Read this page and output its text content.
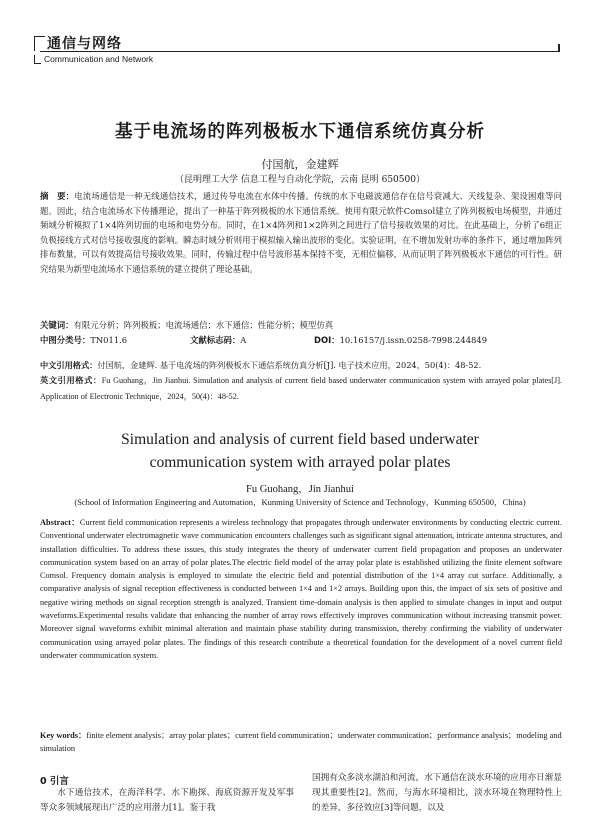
通信与网络
Communication and Network
基于电流场的阵列极板水下通信系统仿真分析
付国航，金建辉
（昆明理工大学 信息工程与自动化学院，云南 昆明 650500）
摘　要：电流场通信是一种无线通信技术，通过传导电流在水体中传播。传统的水下电磁波通信存在信号衰减大、天线复杂、架设困难等问题。因此，结合电流场水下传播理论，提出了一种基于阵列极板的水下通信系统。使用有限元软件Comsol建立了阵列极板电场模型，并通过频域分析模拟了1×4阵列切面的电场和电势分布。同时，在1×4阵列和1×2阵列之间进行了信号接收效果的对比。在此基础上，分析了6组正负极接线方式对信号接收强度的影响。瞬态时域分析则用于模拟输入输出波形的变化。实验证明，在不增加发射功率的条件下，通过增加阵列排布数量，可以有效提高信号接收效果。同时，传输过程中信号波形基本保持不变，无相位偏移，从而证明了阵列极板水下通信的可行性。研究结果为新型电流场水下通信系统的建立提供了理论基础。
关键词：有限元分析；阵列极板；电流场通信；水下通信；性能分析；模型仿真
中图分类号：TN011.6	文献标志码：A	DOI：10.16157/j.issn.0258-7998.244849
中文引用格式：付国航，金建辉. 基于电流场的阵列极板水下通信系统仿真分析[J]. 电子技术应用，2024，50(4)：48-52.
英文引用格式：Fu Guohang，Jin Jianhui. Simulation and analysis of current field based underwater communication system with arrayed polar plates[J]. Application of Electronic Technique，2024，50(4)：48-52.
Simulation and analysis of current field based underwater
communication system with arrayed polar plates
Fu Guohang，Jin Jianhui
(School of Information Engineering and Automation，Kunming University of Science and Technology，Kunming 650500，China)
Abstract：Current field communication represents a wireless technology that propagates through underwater environments by conducting electric current. Conventional underwater electromagnetic wave communication encounters challenges such as significant signal attenuation, intricate antenna structures, and installation difficulties. To address these issues, this study integrates the theory of underwater current field propagation and proposes an underwater communication system based on an array of polar plates.The electric field model of the array polar plate is established utilizing the finite element software Comsol. Frequency domain analysis is employed to simulate the electric field and potential distribution of the 1×4 array cut surface. Additionally, a comparative analysis of signal reception effectiveness is conducted between 1×4 and 1×2 arrays. Building upon this, the impact of six sets of positive and negative wiring methods on signal reception strength is analyzed. Transient time-domain analysis is then applied to simulate changes in input and output waveforms.Experimental results validate that enhancing the number of array rows effectively improves communication without increasing transmit power. Moreover signal waveforms exhibit minimal alteration and maintain phase stability during transmission, thereby confirming the viability of underwater communication using arrayed polar plates. The findings of this research contribute a theoretical foundation for the development of a novel current field underwater communication system.
Key words：finite element analysis；array polar plates；current field communication；underwater communication；performance analysis；modeling and simulation
0 引言
水下通信技术，在海洋科学、水下勘探、海底资源开发及军事等众多领域展现出广泛的应用潜力[1]。鉴于我
国拥有众多淡水湖泊和河流，水下通信在淡水环境的应用亦日渐显现其重要性[2]。然而，与海水环境相比，淡水环境在物理特性上的差异，多径效应[3]等问题，以及
